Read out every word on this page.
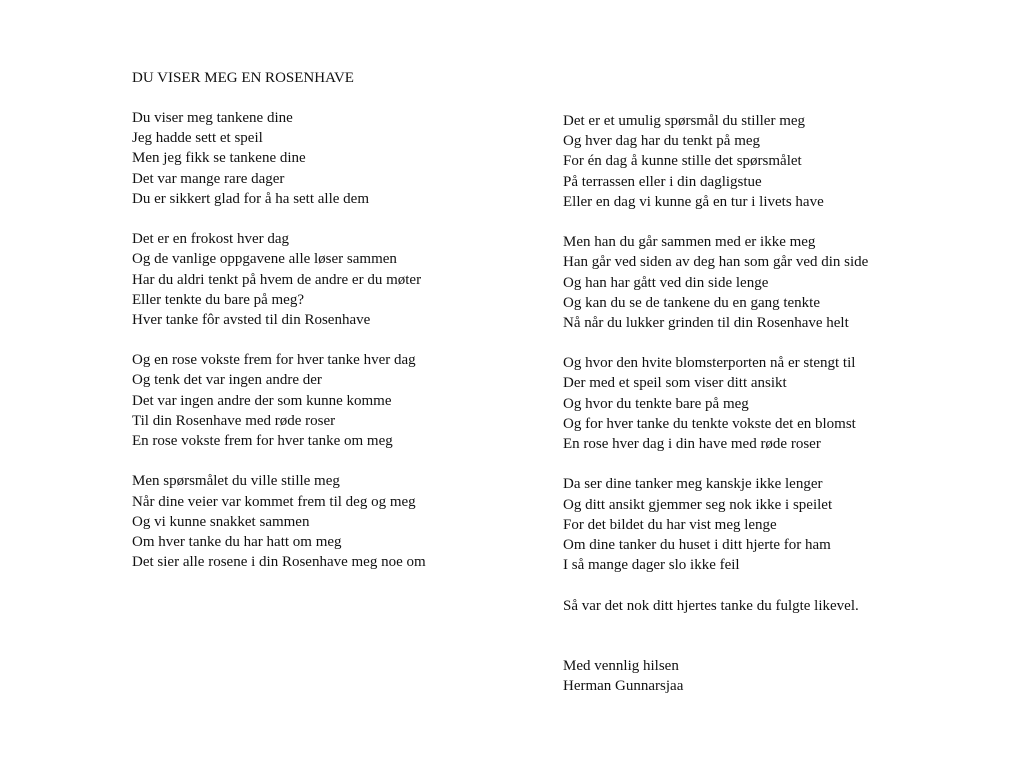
DU VISER MEG EN ROSENHAVE
Du viser meg tankene dine
Jeg hadde sett et speil
Men jeg fikk se tankene dine
Det var mange rare dager
Du er sikkert glad for å ha sett alle dem
Det er en frokost hver dag
Og de vanlige oppgavene alle løser sammen
Har du aldri tenkt på hvem de andre er du møter
Eller tenkte du bare på meg?
Hver tanke fôr avsted til din Rosenhave
Og en rose vokste frem for hver tanke hver dag
Og tenk det var ingen andre der
Det var ingen andre der som kunne komme
Til din Rosenhave med røde roser
En rose vokste frem for hver tanke om meg
Men spørsmålet du ville stille meg
Når dine veier var kommet frem til deg og meg
Og vi kunne snakket sammen
Om hver tanke du har hatt om meg
Det sier alle rosene i din Rosenhave meg noe om
Det er et umulig spørsmål du stiller meg
Og hver dag har du tenkt på meg
For én dag å kunne stille det spørsmålet
På terrassen eller i din dagligstue
Eller en dag vi kunne gå en tur i livets have
Men han du går sammen med er ikke meg
Han går ved siden av deg han som går ved din side
Og han har gått ved din side lenge
Og kan du se de tankene du en gang tenkte
Nå når du lukker grinden til din Rosenhave helt
Og hvor den hvite blomsterporten nå er stengt til
Der med et speil som viser ditt ansikt
Og hvor du tenkte bare på meg
Og for hver tanke du tenkte vokste det en blomst
En rose hver dag i din have med røde roser
Da ser dine tanker meg kanskje ikke lenger
Og ditt ansikt gjemmer seg nok ikke i speilet
For det bildet du har vist meg lenge
Om dine tanker du huset i ditt hjerte for ham
I så mange dager slo ikke feil
Så var det nok ditt hjertes tanke du fulgte likevel.
Med vennlig hilsen
Herman Gunnarsjaa
